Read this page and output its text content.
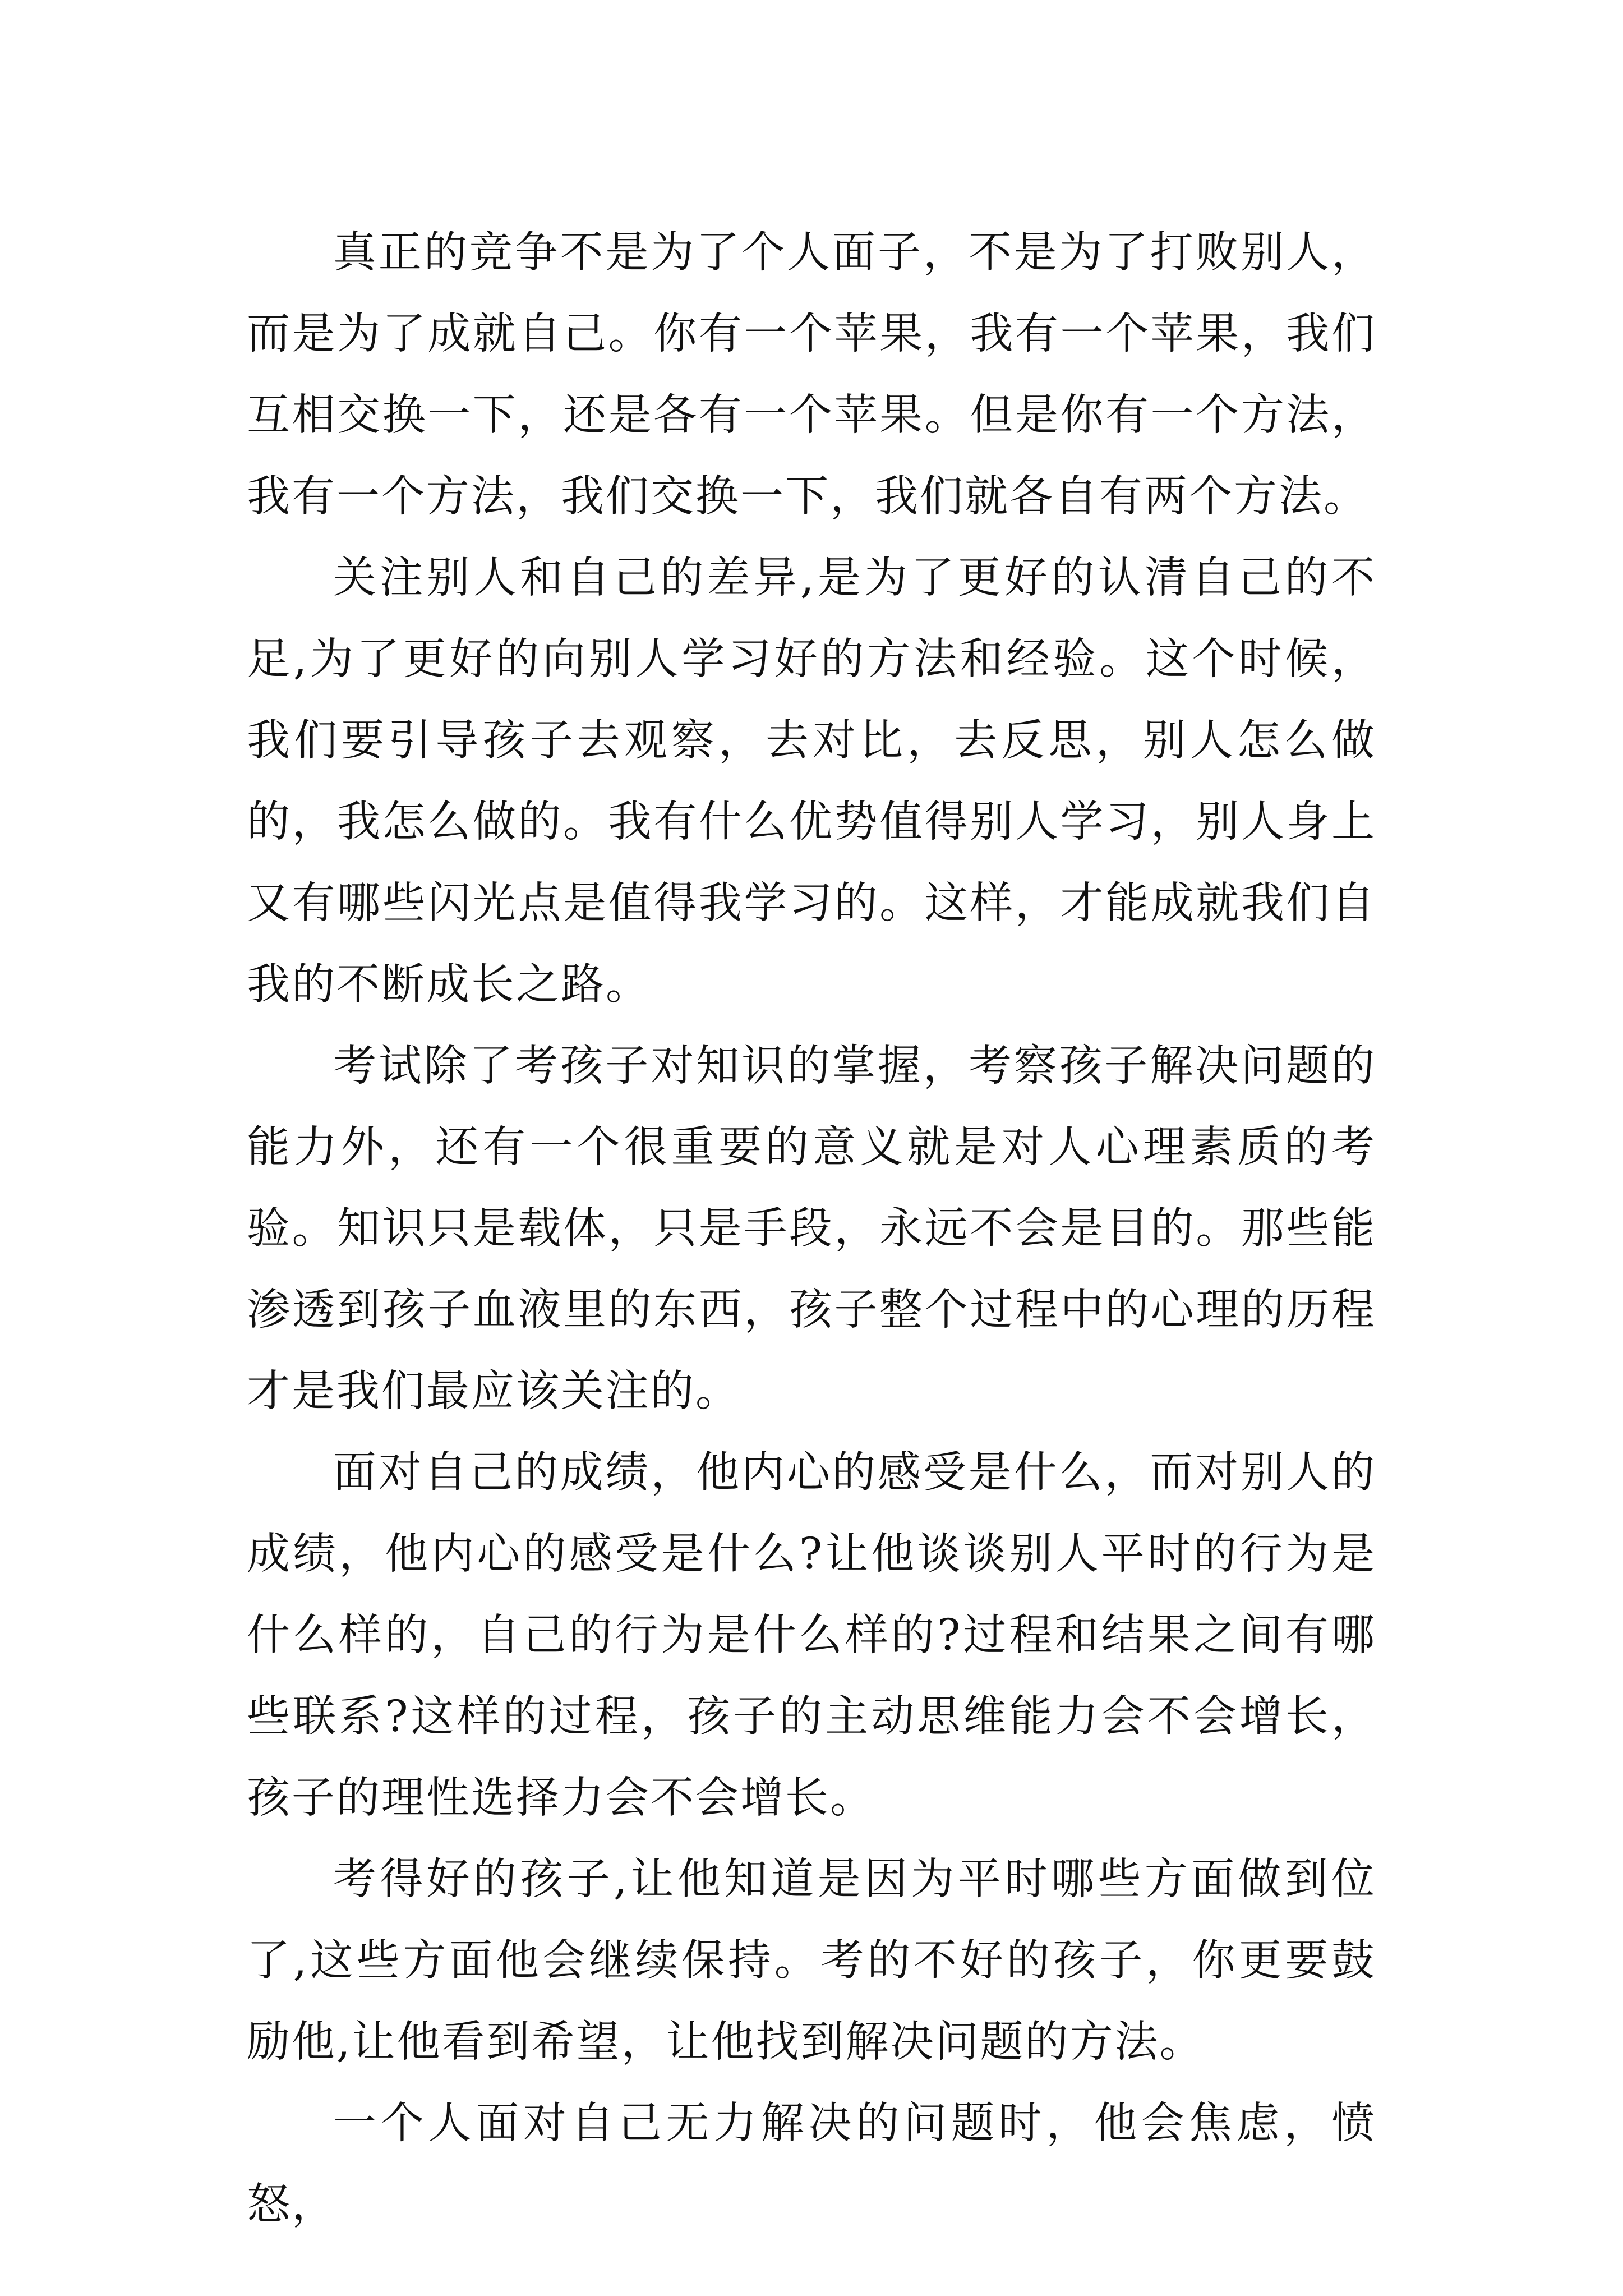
真正的竞争不是为了个人面子，不是为了打败别人，而是为了成就自己。你有一个苹果，我有一个苹果，我们互相交换一下，还是各有一个苹果。但是你有一个方法，我有一个方法，我们交换一下，我们就各自有两个方法。

关注别人和自己的差异,是为了更好的认清自己的不足,为了更好的向别人学习好的方法和经验。这个时候，我们要引导孩子去观察，去对比，去反思，别人怎么做的，我怎么做的。我有什么优势值得别人学习，别人身上又有哪些闪光点是值得我学习的。这样，才能成就我们自我的不断成长之路。

考试除了考孩子对知识的掌握，考察孩子解决问题的能力外，还有一个很重要的意义就是对人心理素质的考验。知识只是载体，只是手段，永远不会是目的。那些能渗透到孩子血液里的东西，孩子整个过程中的心理的历程才是我们最应该关注的。

面对自己的成绩，他内心的感受是什么，而对别人的成绩，他内心的感受是什么?让他谈谈别人平时的行为是什么样的，自己的行为是什么样的?过程和结果之间有哪些联系?这样的过程，孩子的主动思维能力会不会增长，孩子的理性选择力会不会增长。

考得好的孩子,让他知道是因为平时哪些方面做到位了,这些方面他会继续保持。考的不好的孩子，你更要鼓励他,让他看到希望，让他找到解决问题的方法。

一个人面对自己无力解决的问题时，他会焦虑，愤怒，
